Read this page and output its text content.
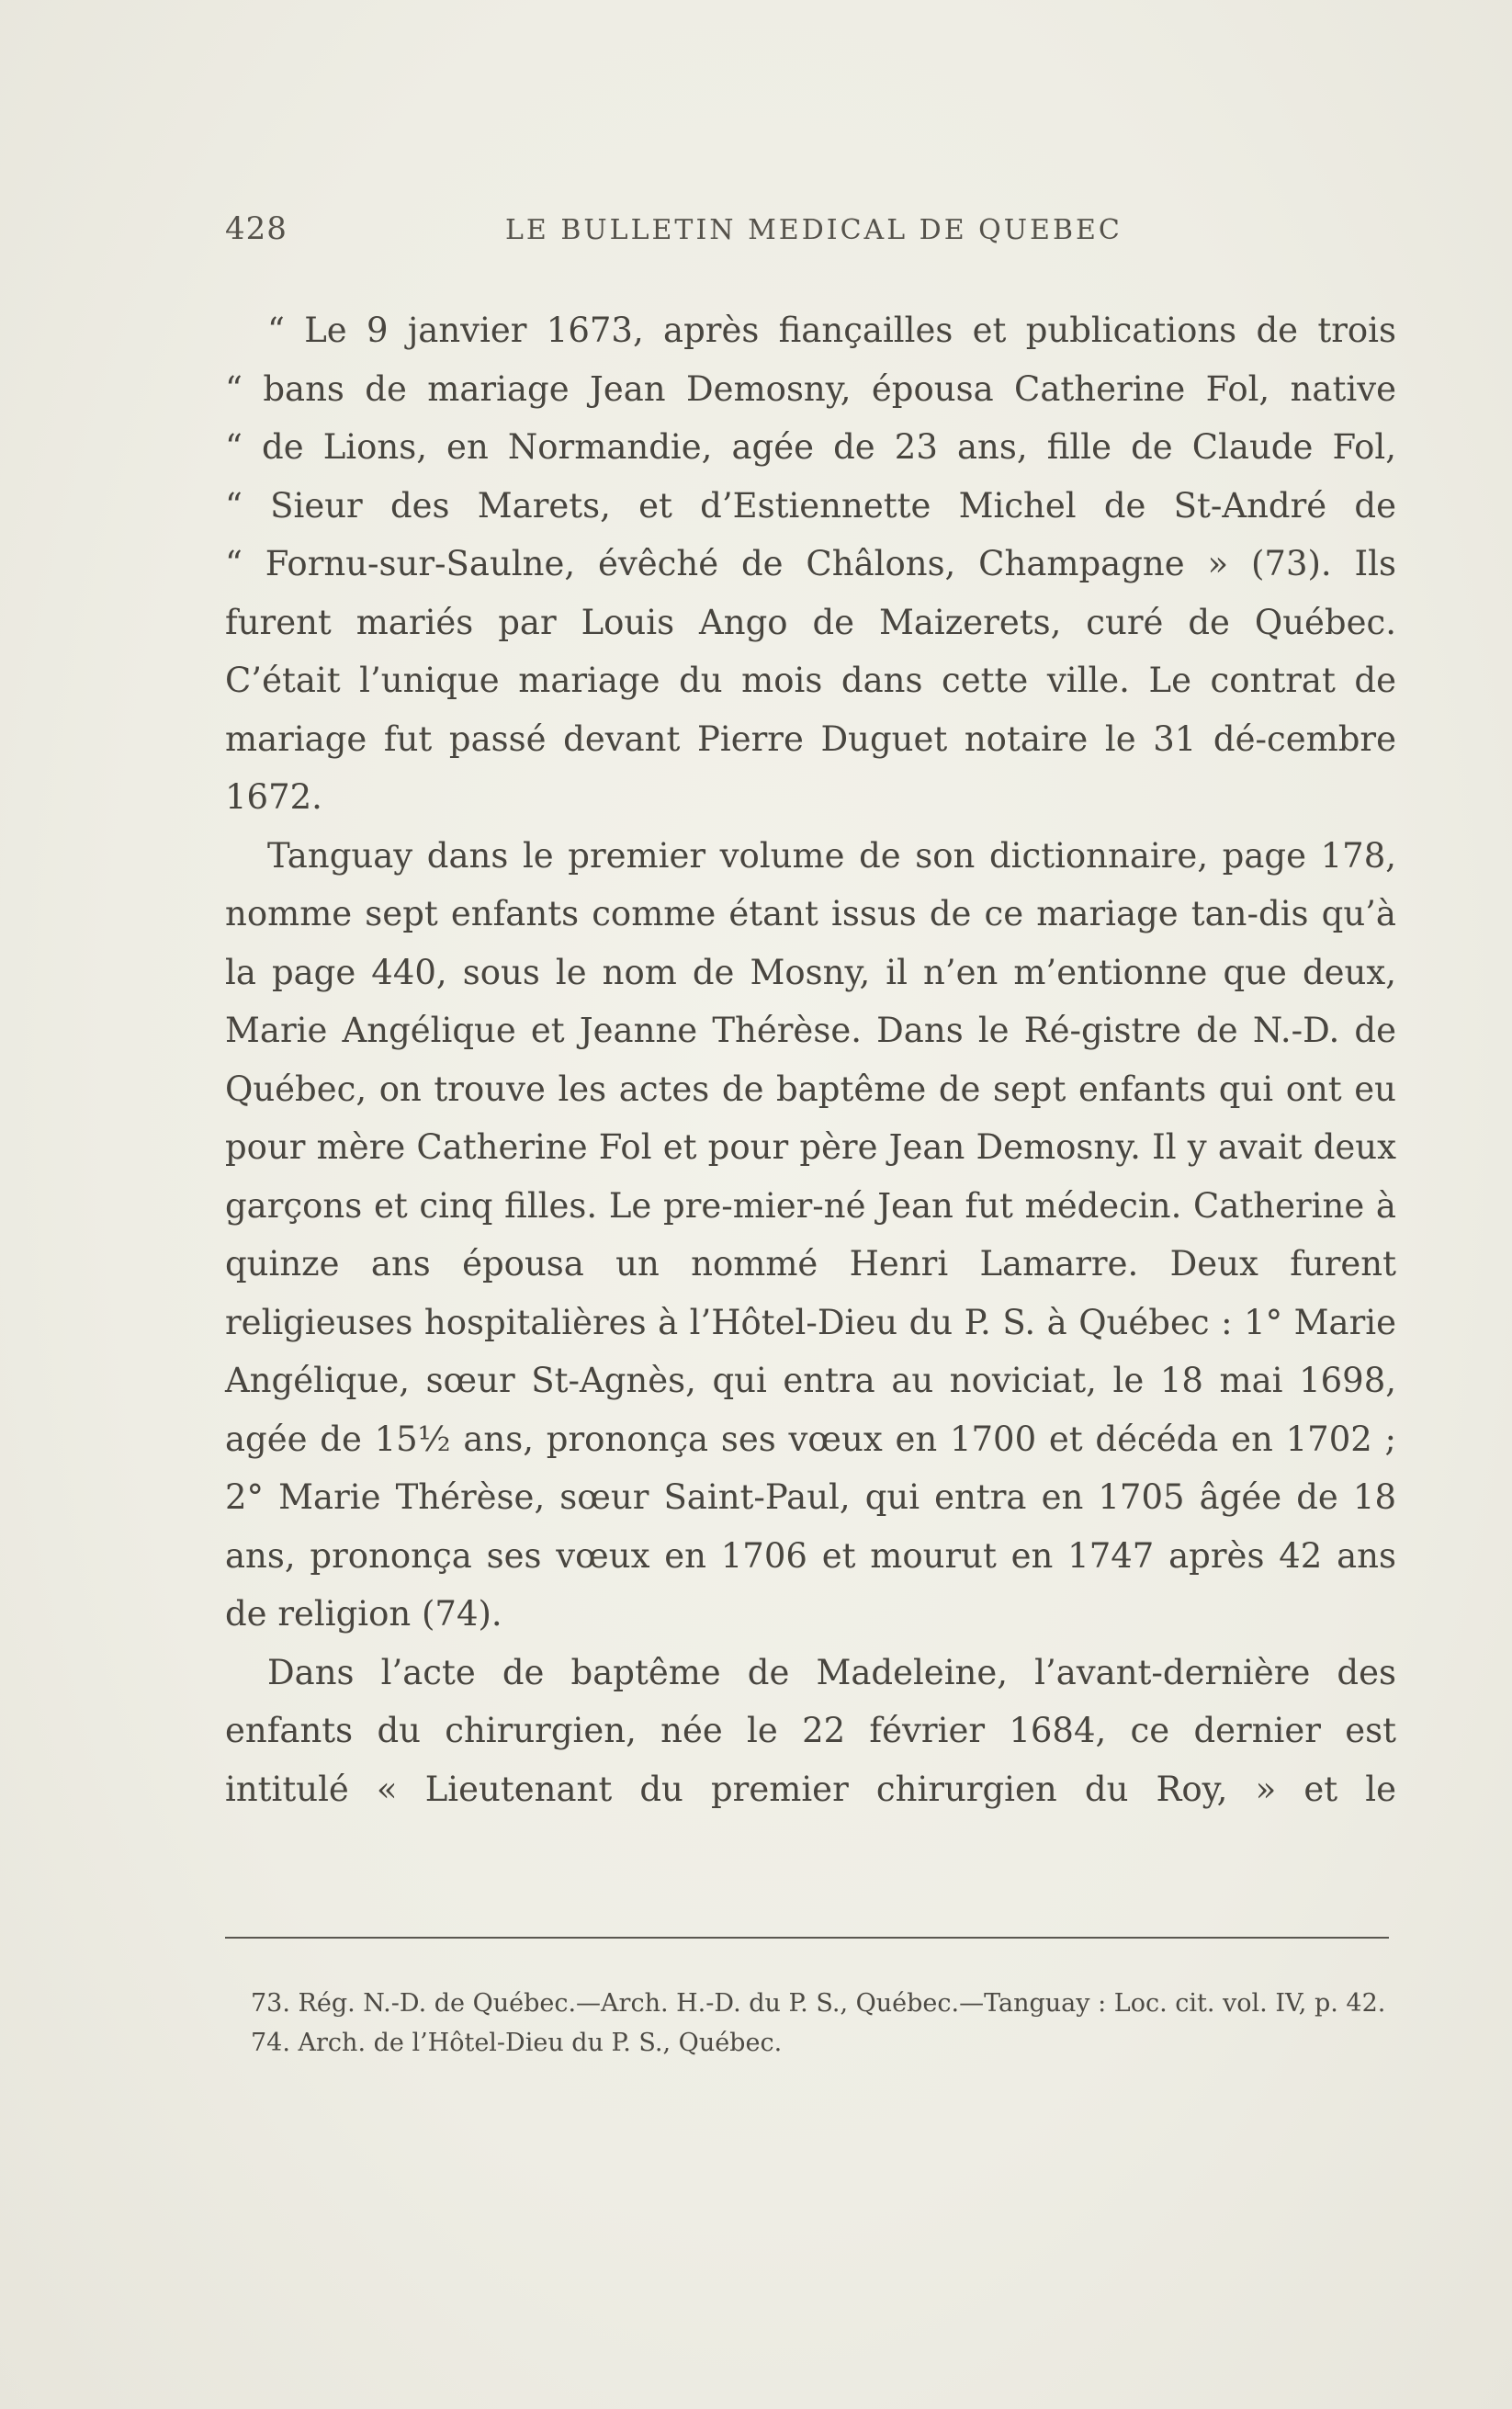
428	LE BULLETIN MEDICAL DE QUEBEC

“ Le 9 janvier 1673, après fiançailles et publications de trois

“ bans de mariage Jean Demosny, épousa Catherine Fol, native

“ de Lions, en Normandie, agée de 23 ans, fille de Claude Fol,

“ Sieur des Marets, et d’Estiennette Michel de St-André de

“ Fornu-sur-Saulne, évêché de Châlons, Champagne » (73). Ils

furent mariés par Louis Ango de Maizerets, curé de Québec. C’était l’unique mariage du mois dans cette ville. Le contrat de mariage fut passé devant Pierre Duguet notaire le 31 dé-cembre 1672.

Tanguay dans le premier volume de son dictionnaire, page 178, nomme sept enfants comme étant issus de ce mariage tan-dis qu’à la page 440, sous le nom de Mosny, il n’en m’entionne que deux, Marie Angélique et Jeanne Thérèse. Dans le Ré-gistre de N.-D. de Québec, on trouve les actes de baptême de sept enfants qui ont eu pour mère Catherine Fol et pour père Jean Demosny. Il y avait deux garçons et cinq filles. Le pre-mier-né Jean fut médecin. Catherine à quinze ans épousa un nommé Henri Lamarre. Deux furent religieuses hospitalières à l’Hôtel-Dieu du P. S. à Québec : 1° Marie Angélique, sœur St-Agnès, qui entra au noviciat, le 18 mai 1698, agée de 15½ ans, prononça ses vœux en 1700 et décéda en 1702 ; 2° Marie Thérèse, sœur Saint-Paul, qui entra en 1705 âgée de 18 ans, prononça ses vœux en 1706 et mourut en 1747 après 42 ans de religion (74).

Dans l’acte de baptême de Madeleine, l’avant-dernière des enfants du chirurgien, née le 22 février 1684, ce dernier est intitulé « Lieutenant du premier chirurgien du Roy, » et le

73. Rég. N.-D. de Québec.—Arch. H.-D. du P. S., Québec.—Tanguay : Loc. cit. vol. IV, p. 42.

74. Arch. de l’Hôtel-Dieu du P. S., Québec.
